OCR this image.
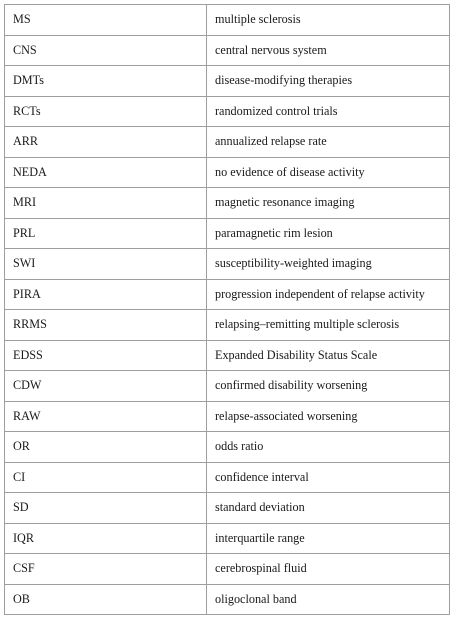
MS	multiple sclerosis
CNS	central nervous system
DMTs	disease-modifying therapies
RCTs	randomized control trials
ARR	annualized relapse rate
NEDA	no evidence of disease activity
MRI	magnetic resonance imaging
PRL	paramagnetic rim lesion
SWI	susceptibility-weighted imaging
PIRA	progression independent of relapse activity
RRMS	relapsing–remitting multiple sclerosis
EDSS	Expanded Disability Status Scale
CDW	confirmed disability worsening
RAW	relapse-associated worsening
OR	odds ratio
CI	confidence interval
SD	standard deviation
IQR	interquartile range
CSF	cerebrospinal fluid
OB	oligoclonal band
